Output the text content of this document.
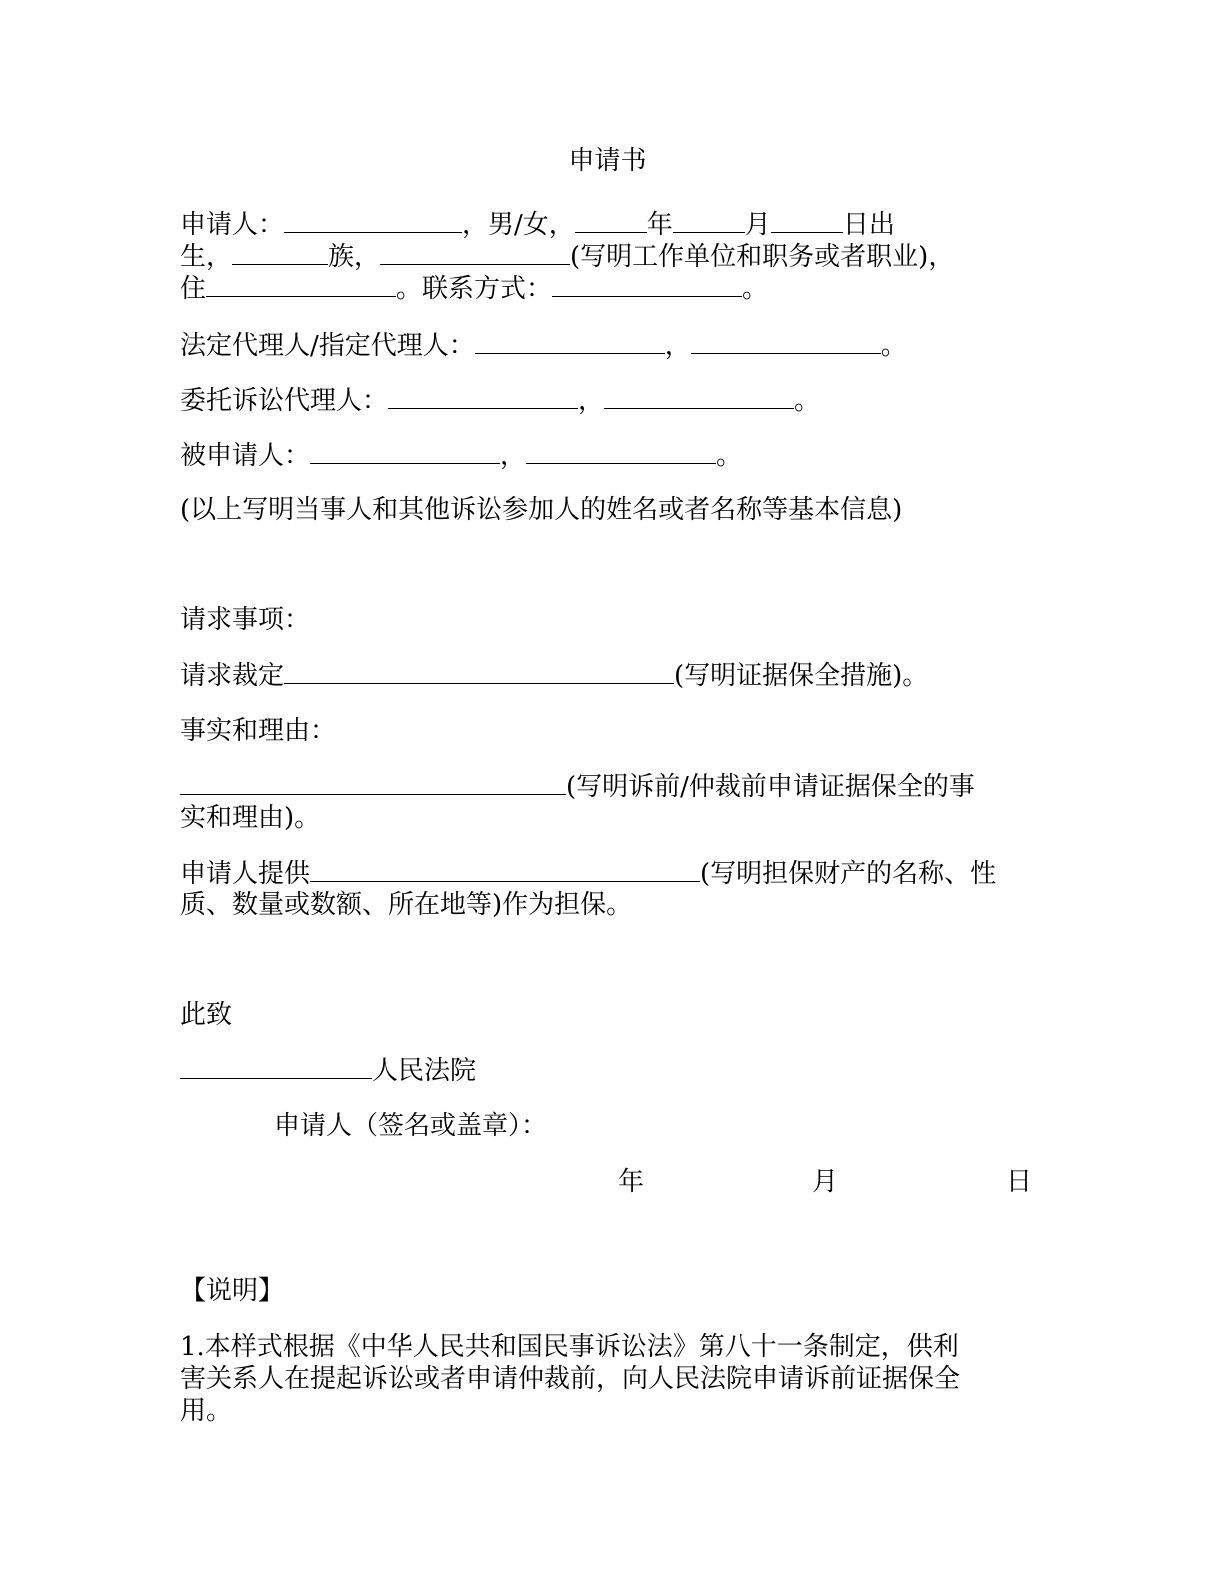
申请书
申请人：	，男/女，	年	月	日出
生，	族，	(写明工作单位和职务或者职业)，
住	。联系方式：	。
法定代理人/指定代理人：	，	。
委托诉讼代理人：	，	。
被申请人：	，	。
(以上写明当事人和其他诉讼参加人的姓名或者名称等基本信息)
请求事项：
请求裁定	(写明证据保全措施)。
事实和理由：
(写明诉前/仲裁前申请证据保全的事
实和理由)。
申请人提供	(写明担保财产的名称、性
质、数量或数额、所在地等)作为担保。
此致
人民法院
申请人（签名或盖章）：
年	月	日
【说明】
1.本样式根据《中华人民共和国民事诉讼法》第八十一条制定，供利
害关系人在提起诉讼或者申请仲裁前，向人民法院申请诉前证据保全
用。
